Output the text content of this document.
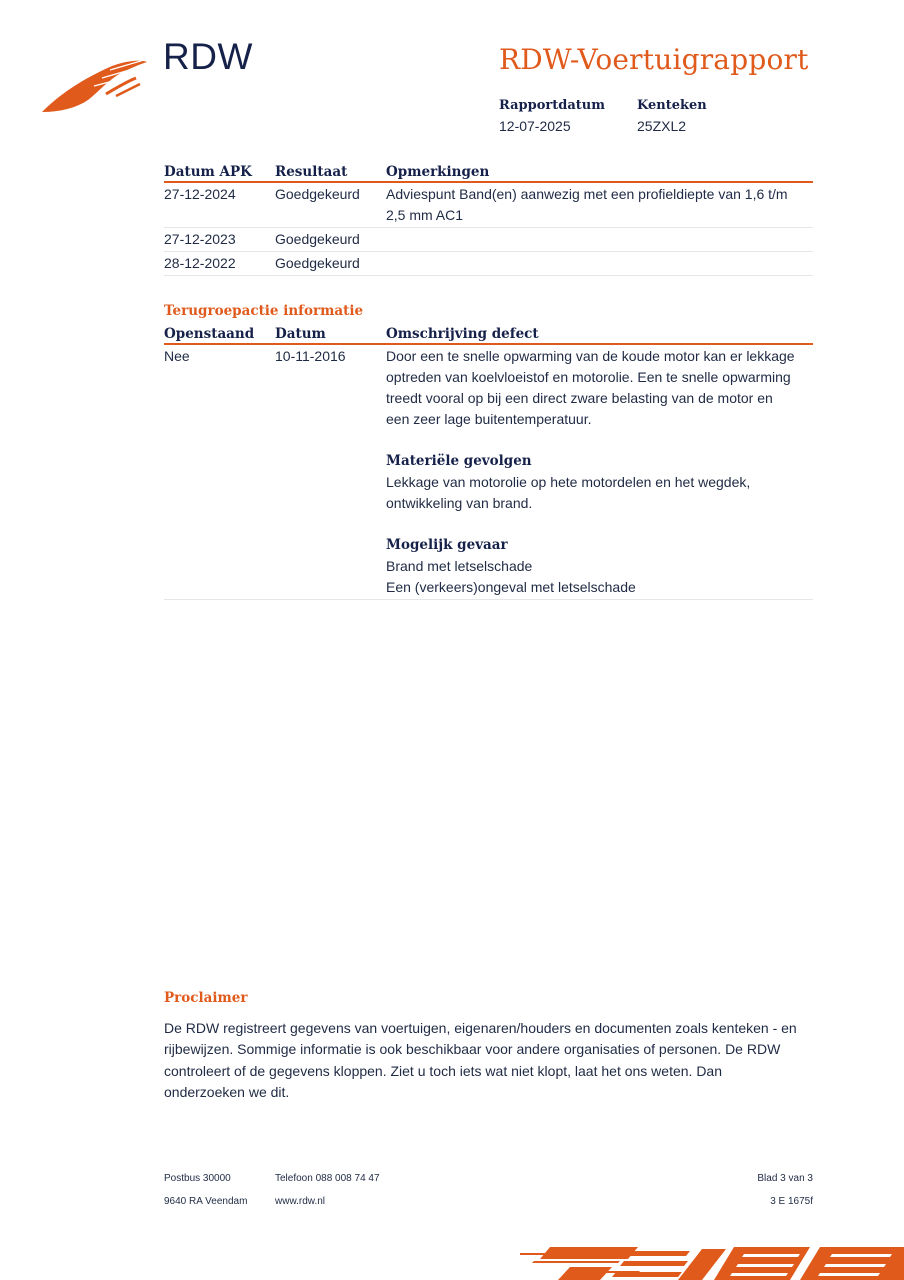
RDW	RDW-Voertuigrapport
Rapportdatum
12-07-2025
Kenteken
25ZXL2
Datum APK	Resultaat	Opmerkingen
27-12-2024	Goedgekeurd	Adviespunt Band(en) aanwezig met een profieldiepte van 1,6 t/m 2,5 mm AC1
27-12-2023	Goedgekeurd
28-12-2022	Goedgekeurd
Terugroepactie informatie
Openstaand	Datum	Omschrijving defect
Nee	10-11-2016	Door een te snelle opwarming van de koude motor kan er lekkage optreden van koelvloeistof en motorolie. Een te snelle opwarming treedt vooral op bij een direct zware belasting van de motor en een zeer lage buitentemperatuur.
Materiële gevolgen
Lekkage van motorolie op hete motordelen en het wegdek, ontwikkeling van brand.
Mogelijk gevaar
Brand met letselschade
Een (verkeers)ongeval met letselschade
Proclaimer
De RDW registreert gegevens van voertuigen, eigenaren/houders en documenten zoals kenteken - en rijbewijzen. Sommige informatie is ook beschikbaar voor andere organisaties of personen. De RDW controleert of de gegevens kloppen. Ziet u toch iets wat niet klopt, laat het ons weten. Dan onderzoeken we dit.
Postbus 30000
9640 RA Veendam
Telefoon 088 008 74 47
www.rdw.nl
Blad 3 van 3
3 E 1675f
